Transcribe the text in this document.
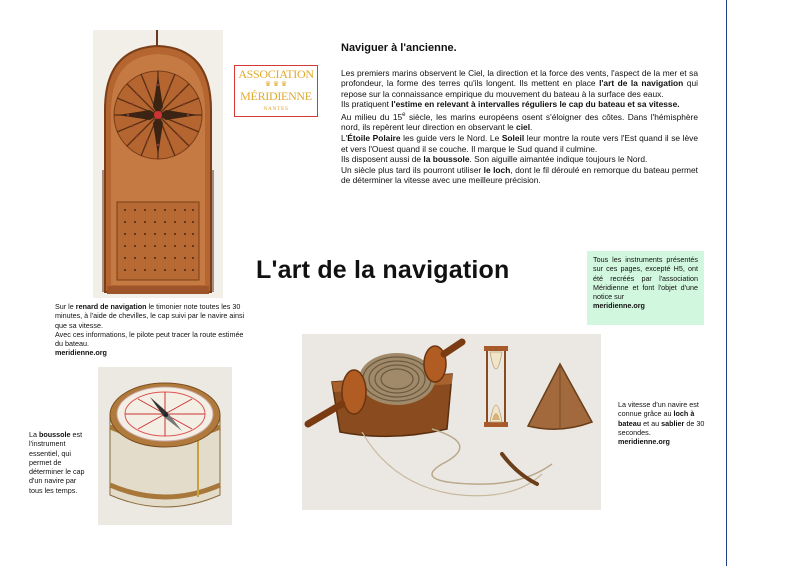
ASSOCIATION
♛ ♛ ♛
MÉRIDIENNE
NANTES
Naviguer à l'ancienne.

Les premiers marins observent le Ciel, la direction et la force des vents, l'aspect de la mer et sa profondeur, la forme des terres qu'ils longent. Ils mettent en place l'art de la navigation qui repose sur la connaissance empirique du mouvement du bateau à la surface des eaux.

Ils pratiquent l'estime en relevant à intervalles réguliers le cap du bateau et sa vitesse.

Au milieu du 15e siècle, les marins européens osent s'éloigner des côtes. Dans l'hémisphère nord, ils repèrent leur direction en observant le ciel.

L'Étoile Polaire les guide vers le Nord. Le Soleil leur montre la route vers l'Est quand il se lève et vers l'Ouest quand il se couche. Il marque le Sud quand il culmine.

Ils disposent aussi de la boussole. Son aiguille aimantée indique toujours le Nord.

Un siècle plus tard ils pourront utiliser le loch, dont le fil déroulé en remorque du bateau permet de déterminer la vitesse avec une meilleure précision.

L'art de la navigation	Tous les instruments présentés sur ces pages, excepté H5, ont été recréés par l'association Méridienne et font l'objet d'une notice sur
meridienne.org
Sur le renard de navigation le timonier note toutes les 30 minutes, à l'aide de chevilles, le cap suivi par le navire ainsi que sa vitesse.
Avec ces informations, le pilote peut tracer la route estimée du bateau.
meridienne.org
La boussole est l'instrument essentiel, qui permet de déterminer le cap d'un navire par tous les temps.
La vitesse d'un navire est connue grâce au loch à bateau et au sablier de 30 secondes.
meridienne.org
